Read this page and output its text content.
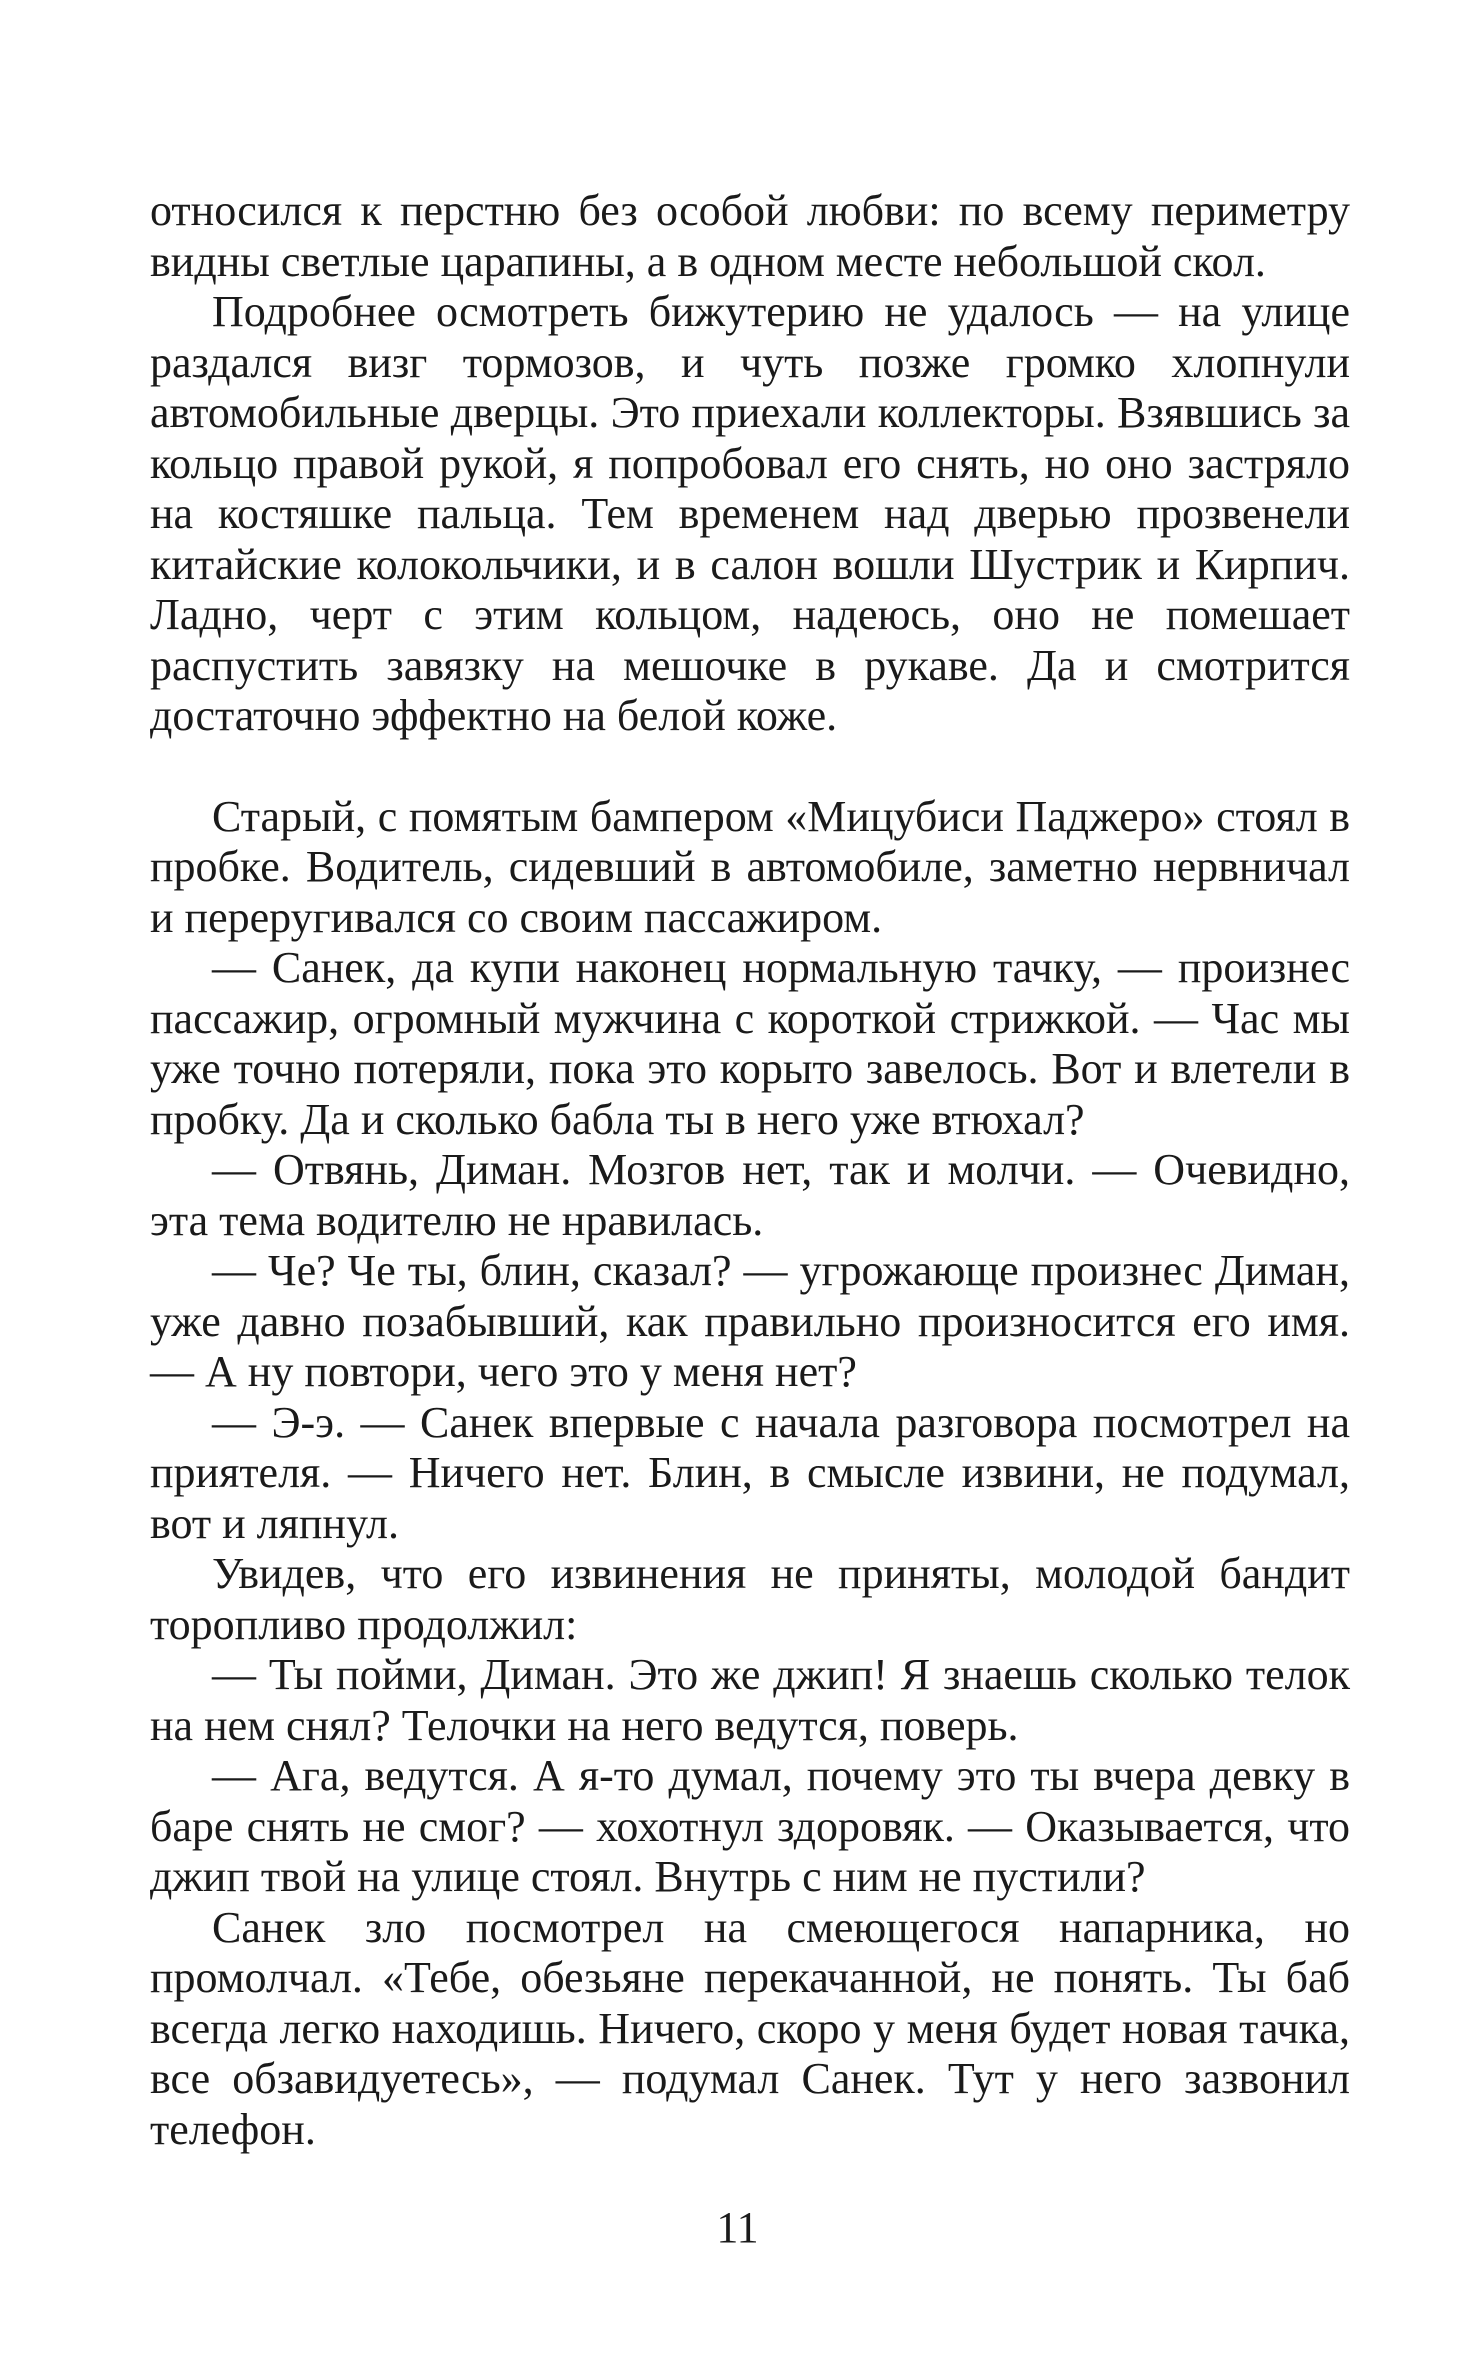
относился к перстню без особой любви: по всему периметру видны светлые царапины, а в одном месте небольшой скол.

Подробнее осмотреть бижутерию не удалось — на улице раздался визг тормозов, и чуть позже громко хлопнули автомобильные дверцы. Это приехали коллекторы. Взявшись за кольцо правой рукой, я попробовал его снять, но оно застряло на костяшке пальца. Тем временем над дверью прозвенели китайские колокольчики, и в салон вошли Шустрик и Кирпич. Ладно, черт с этим кольцом, надеюсь, оно не помешает распустить завязку на мешочке в рукаве. Да и смотрится достаточно эффектно на белой коже.

Старый, с помятым бампером «Мицубиси Паджеро» стоял в пробке. Водитель, сидевший в автомобиле, заметно нервничал и переругивался со своим пассажиром.

— Санек, да купи наконец нормальную тачку, — произнес пассажир, огромный мужчина с короткой стрижкой. — Час мы уже точно потеряли, пока это корыто завелось. Вот и влетели в пробку. Да и сколько бабла ты в него уже втюхал?

— Отвянь, Диман. Мозгов нет, так и молчи. — Очевидно, эта тема водителю не нравилась.

— Че? Че ты, блин, сказал? — угрожающе произнес Диман, уже давно позабывший, как правильно произносится его имя. — А ну повтори, чего это у меня нет?

— Э-э. — Санек впервые с начала разговора посмотрел на приятеля. — Ничего нет. Блин, в смысле извини, не подумал, вот и ляпнул.

Увидев, что его извинения не приняты, молодой бандит торопливо продолжил:

— Ты пойми, Диман. Это же джип! Я знаешь сколько телок на нем снял? Телочки на него ведутся, поверь.

— Ага, ведутся. А я-то думал, почему это ты вчера девку в баре снять не смог? — хохотнул здоровяк. — Оказывается, что джип твой на улице стоял. Внутрь с ним не пустили?

Санек зло посмотрел на смеющегося напарника, но промолчал. «Тебе, обезьяне перекачанной, не понять. Ты баб всегда легко находишь. Ничего, скоро у меня будет новая тачка, все обзавидуетесь», — подумал Санек. Тут у него зазвонил телефон.

11
